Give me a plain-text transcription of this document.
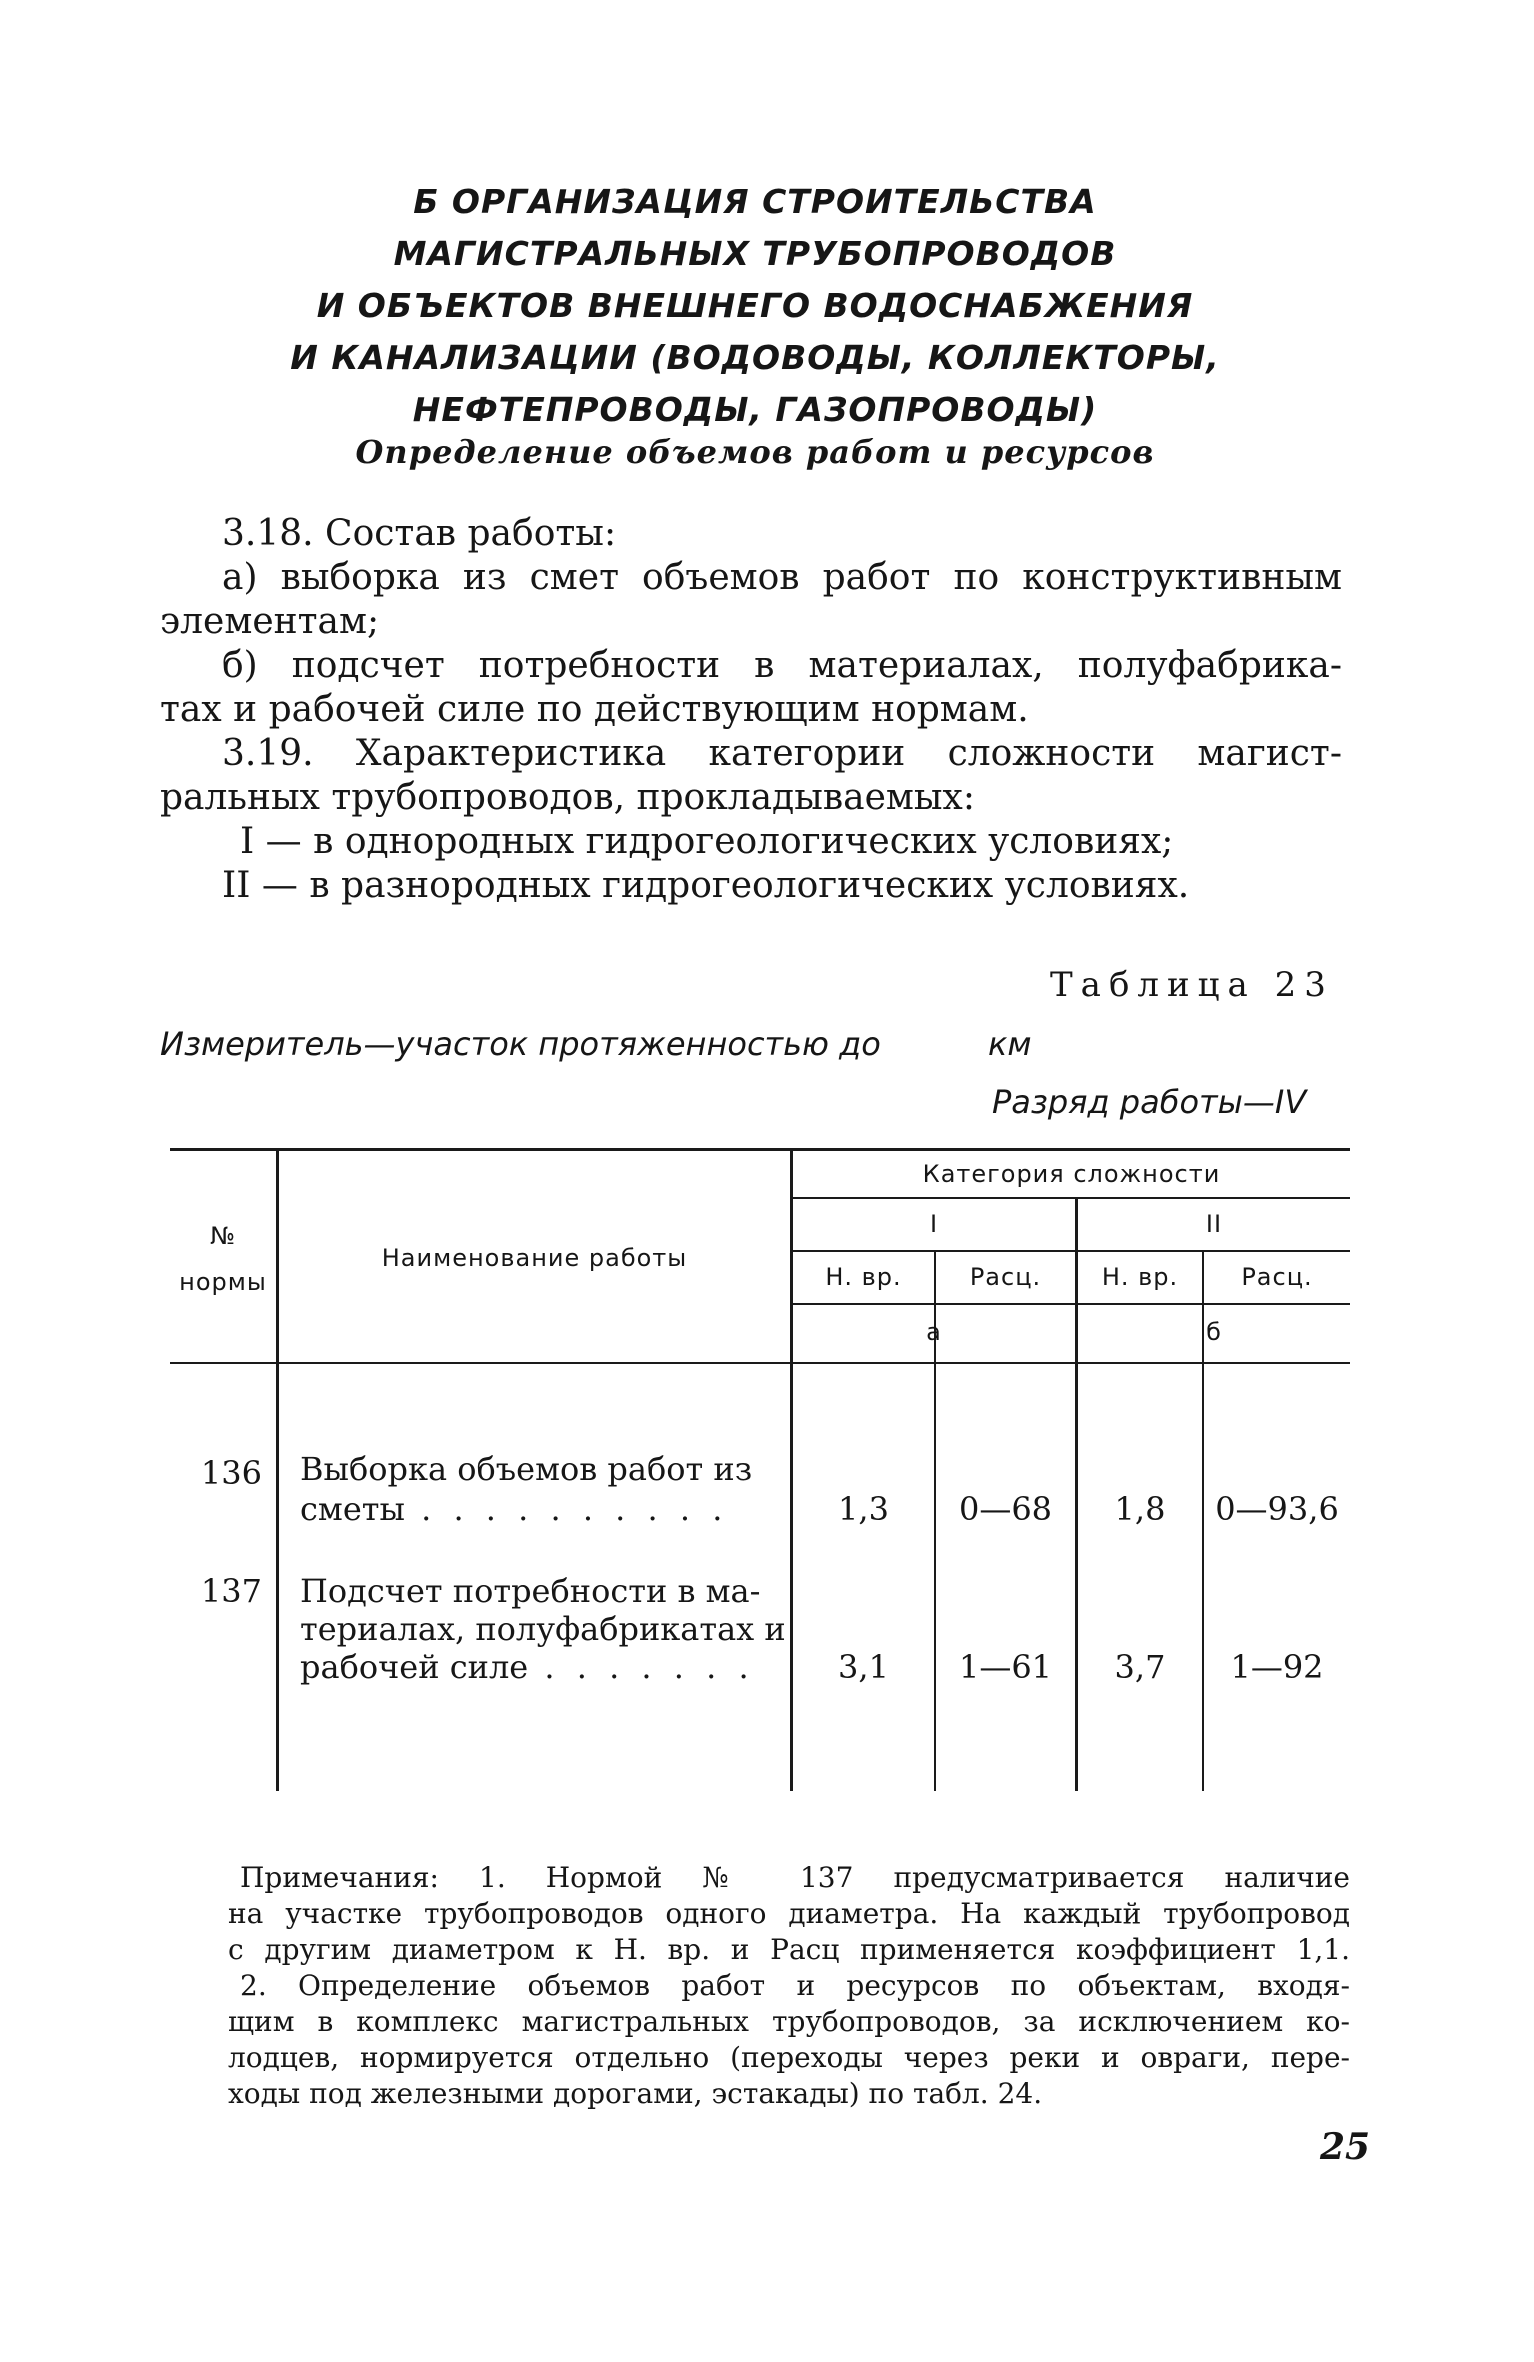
Б ОРГАНИЗАЦИЯ СТРОИТЕЛЬСТВА
МАГИСТРАЛЬНЫХ ТРУБОПРОВОДОВ
И ОБЪЕКТОВ ВНЕШНЕГО ВОДОСНАБЖЕНИЯ
И КАНАЛИЗАЦИИ (ВОДОВОДЫ, КОЛЛЕКТОРЫ,
НЕФТЕПРОВОДЫ, ГАЗОПРОВОДЫ)
Определение объемов работ и ресурсов
3.18. Состав работы:
а) выборка из смет объемов работ по конструктивным
элементам;
б) подсчет потребности в материалах, полуфабрика-
тах и рабочей силе по действующим нормам.
3.19. Характеристика категории сложности магист-
ральных трубопроводов, прокладываемых:
I — в однородных гидрогеологических условиях;
II — в разнородных гидрогеологических условиях.
Таблица 23
Измеритель—участок протяженностью до	км
Разряд работы—IV
№
нормы
Наименование работы
Категория сложности
I	II
Н. вр.	Расц.	Н. вр.	Расц.
а	б
136 Выборка объемов работ из
сметы . . . . . . . . . .	1,3	0—68	1,8	0—93,6
137 Подсчет потребности в ма-
териалах, полуфабрикатах и
рабочей силе . . . . . . .	3,1	1—61	3,7	1—92
Примечания: 1. Нормой № 137 предусматривается наличие
на участке трубопроводов одного диаметра. На каждый трубопровод
с другим диаметром к Н. вр. и Расц применяется коэффициент 1,1.
2. Определение объемов работ и ресурсов по объектам, входя-
щим в комплекс магистральных трубопроводов, за исключением ко-
лодцев, нормируется отдельно (переходы через реки и овраги, пере-
ходы под железными дорогами, эстакады) по табл. 24.
25
